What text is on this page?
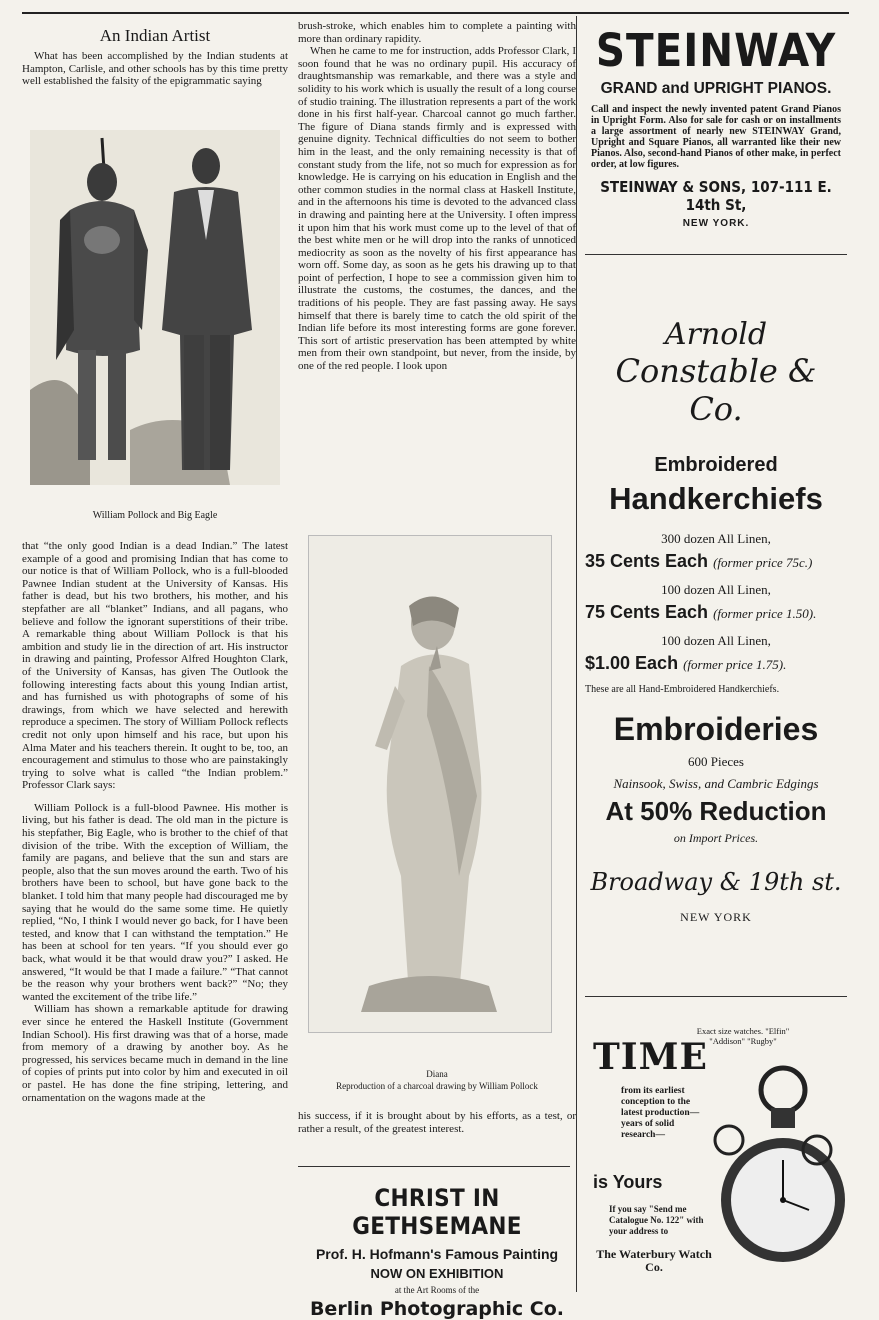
An Indian Artist

What has been accomplished by the Indian students at Hampton, Carlisle, and other schools has by this time pretty well established the falsity of the epigrammatic saying

William Pollock and Big Eagle

that “the only good Indian is a dead Indian.” The latest example of a good and promising Indian that has come to our notice is that of William Pollock, who is a full-blooded Pawnee Indian student at the University of Kansas. His father is dead, but his two brothers, his mother, and his stepfather are all “blanket” Indians, and all pagans, who believe and follow the ignorant superstitions of their tribe. A remarkable thing about William Pollock is that his ambition and study lie in the direction of art. His instructor in drawing and painting, Professor Alfred Houghton Clark, of the University of Kansas, has given The Outlook the following interesting facts about this young Indian artist, and has furnished us with photographs of some of his drawings, from which we have selected and herewith reproduce a specimen. The story of William Pollock reflects credit not only upon himself and his race, but upon his Alma Mater and his teachers therein. It ought to be, too, an encouragement and stimulus to those who are painstakingly trying to solve what is called “the Indian problem.” Professor Clark says:

William Pollock is a full-blood Pawnee. His mother is living, but his father is dead. The old man in the picture is his stepfather, Big Eagle, who is brother to the chief of that division of the tribe. With the exception of William, the family are pagans, and believe that the sun and stars are people, also that the sun moves around the earth. Two of his brothers have been to school, but have gone back to the blanket. I told him that many people had discouraged me by saying that he would do the same some time. He quietly replied, “No, I think I would never go back, for I have been tested, and know that I can withstand the temptation.” He has been at school for ten years. “If you should ever go back, what would it be that would draw you?” I asked. He answered, “It would be that I made a failure.” “That cannot be the reason why your brothers went back?” “No; they wanted the excitement of the tribe life.”

William has shown a remarkable aptitude for drawing ever since he entered the Haskell Institute (Government Indian School). His first drawing was that of a horse, made from memory of a drawing by another boy. As he progressed, his services became much in demand in the line of copies of prints put into color by him and executed in oil or pastel. He has done the fine striping, lettering, and ornamentation on the wagons made at the

brush-stroke, which enables him to complete a painting with more than ordinary rapidity.

When he came to me for instruction, adds Professor Clark, I soon found that he was no ordinary pupil. His accuracy of draughtsmanship was remarkable, and there was a style and solidity to his work which is usually the result of a long course of studio training. The illustration represents a part of the work done in his first half-year. Charcoal cannot go much farther. The figure of Diana stands firmly and is expressed with genuine dignity. Technical difficulties do not seem to bother him in the least, and the only remaining necessity is that of constant study from the life, not so much for expression as for knowledge. He is carrying on his education in English and the other common studies in the normal class at Haskell Institute, and in the afternoons his time is devoted to the advanced class in drawing and painting here at the University. I often impress it upon him that his work must come up to the level of that of the best white men or he will drop into the ranks of unnoticed mediocrity as soon as the novelty of his first appearance has worn off. Some day, as soon as he gets his drawing up to that point of perfection, I hope to see a commission given him to illustrate the customs, the costumes, the dances, and the traditions of his people. They are fast passing away. He says himself that there is barely time to catch the old spirit of the Indian life before its most interesting forms are gone forever. This sort of artistic preservation has been attempted by white men from their own standpoint, but never, from the inside, by one of the red people. I look upon

Diana
Reproduction of a charcoal drawing by William Pollock

his success, if it is brought about by his efforts, as a test, or rather a result, of the greatest interest.

CHRIST IN GETHSEMANE
Prof. H. Hofmann's Famous Painting
NOW ON EXHIBITION
at the Art Rooms of the
Berlin Photographic Co.
STEINWAY
GRAND and UPRIGHT PIANOS.
Call and inspect the newly invented patent Grand Pianos in Upright Form. Also for sale for cash or on installments a large assortment of nearly new STEINWAY Grand, Upright and Square Pianos, all warranted like their new Pianos. Also, second-hand Pianos of other make, in perfect order, at low figures.
STEINWAY & SONS, 107-111 E. 14th St,
NEW YORK.
Arnold
Constable & Co.
Embroidered
Handkerchiefs
300 dozen All Linen,
35 Cents Each (former price 75c.)
100 dozen All Linen,
75 Cents Each (former price 1.50).
100 dozen All Linen,
$1.00 Each (former price 1.75).
These are all Hand-Embroidered Handkerchiefs.
Embroideries
600 Pieces
Nainsook, Swiss, and Cambric Edgings
At 50% Reduction
on Import Prices.
Broadway & 19th st.
NEW YORK
TIME
Exact size watches. "Elfin" "Addison" "Rugby"
from its earliest conception to the latest production— years of solid research—
is Yours
If you say "Send me Catalogue No. 122" with your address to
The Waterbury Watch Co.
